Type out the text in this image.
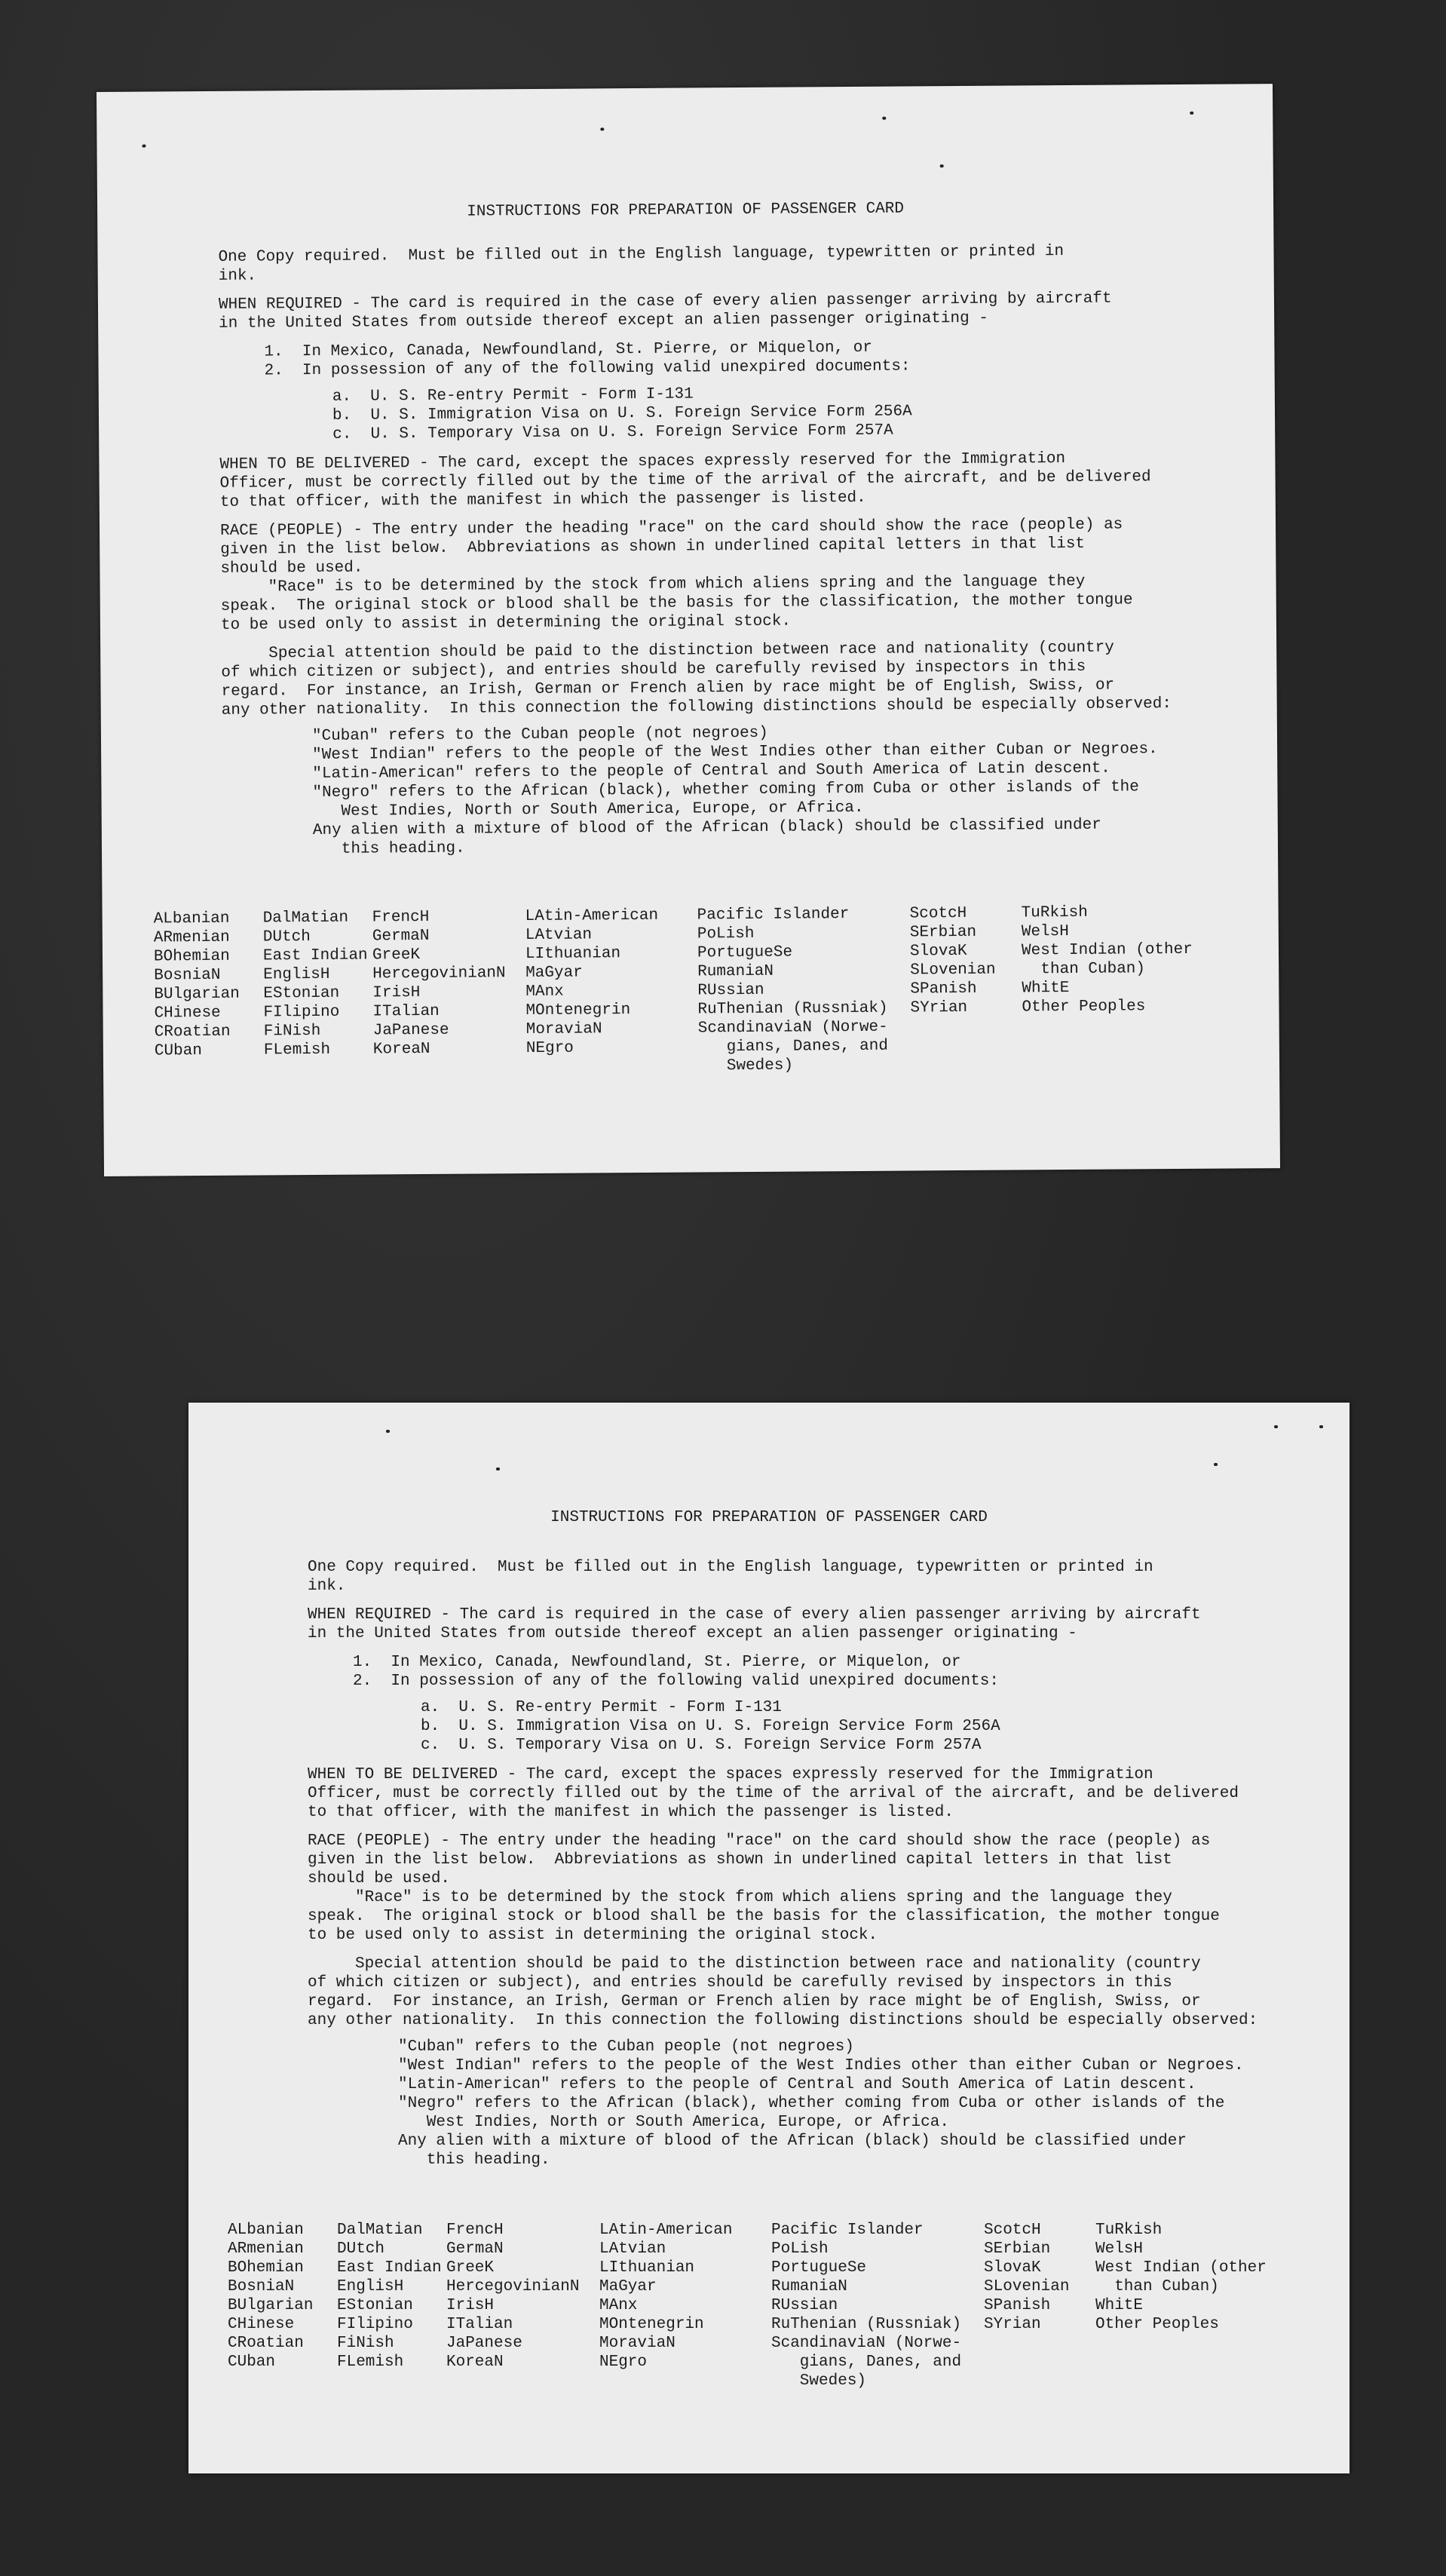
INSTRUCTIONS FOR PREPARATION OF PASSENGER CARD

One Copy required.  Must be filled out in the English language, typewritten or printed in
ink.

WHEN REQUIRED - The card is required in the case of every alien passenger arriving by aircraft
in the United States from outside thereof except an alien passenger originating -

1.  In Mexico, Canada, Newfoundland, St. Pierre, or Miquelon, or
2.  In possession of any of the following valid unexpired documents:
a.  U. S. Re-entry Permit - Form I-131
b.  U. S. Immigration Visa on U. S. Foreign Service Form 256A
c.  U. S. Temporary Visa on U. S. Foreign Service Form 257A

WHEN TO BE DELIVERED - The card, except the spaces expressly reserved for the Immigration
Officer, must be correctly filled out by the time of the arrival of the aircraft, and be delivered
to that officer, with the manifest in which the passenger is listed.

RACE (PEOPLE) - The entry under the heading "race" on the card should show the race (people) as
given in the list below.  Abbreviations as shown in underlined capital letters in that list
should be used.

"Race" is to be determined by the stock from which aliens spring and the language they
speak.  The original stock or blood shall be the basis for the classification, the mother tongue
to be used only to assist in determining the original stock.

Special attention should be paid to the distinction between race and nationality (country
of which citizen or subject), and entries should be carefully revised by inspectors in this
regard.  For instance, an Irish, German or French alien by race might be of English, Swiss, or
any other nationality.  In this connection the following distinctions should be especially observed:

"Cuban" refers to the Cuban people (not negroes)
"West Indian" refers to the people of the West Indies other than either Cuban or Negroes.
"Latin-American" refers to the people of Central and South America of Latin descent.
"Negro" refers to the African (black), whether coming from Cuba or other islands of the
West Indies, North or South America, Europe, or Africa.
Any alien with a mixture of blood of the African (black) should be classified under
this heading.
ALbanian
ARmenian
BOhemian
BosniaN
BUlgarian
CHinese
CRoatian
CUban
DalMatian
DUtch
East Indian
EnglisH
EStonian
FIlipino
FiNish
FLemish
FrencH
GermaN
GreeK
HercegovinianN
IrisH
ITalian
JaPanese
KoreaN
LAtin-American
LAtvian
LIthuanian
MaGyar
MAnx
MOntenegrin
MoraviaN
NEgro
Pacific Islander
PoLish
PortugueSe
RumaniaN
RUssian
RuThenian (Russniak)
ScandinaviaN (Norwe-
gians, Danes, and
Swedes)
ScotcH
SErbian
SlovaK
SLovenian
SPanish
SYrian
TuRkish
WelsH
West Indian (other
than Cuban)
WhitE
Other Peoples
INSTRUCTIONS FOR PREPARATION OF PASSENGER CARD

One Copy required.  Must be filled out in the English language, typewritten or printed in
ink.

WHEN REQUIRED - The card is required in the case of every alien passenger arriving by aircraft
in the United States from outside thereof except an alien passenger originating -

1.  In Mexico, Canada, Newfoundland, St. Pierre, or Miquelon, or
2.  In possession of any of the following valid unexpired documents:
a.  U. S. Re-entry Permit - Form I-131
b.  U. S. Immigration Visa on U. S. Foreign Service Form 256A
c.  U. S. Temporary Visa on U. S. Foreign Service Form 257A

WHEN TO BE DELIVERED - The card, except the spaces expressly reserved for the Immigration
Officer, must be correctly filled out by the time of the arrival of the aircraft, and be delivered
to that officer, with the manifest in which the passenger is listed.

RACE (PEOPLE) - The entry under the heading "race" on the card should show the race (people) as
given in the list below.  Abbreviations as shown in underlined capital letters in that list
should be used.

"Race" is to be determined by the stock from which aliens spring and the language they
speak.  The original stock or blood shall be the basis for the classification, the mother tongue
to be used only to assist in determining the original stock.

Special attention should be paid to the distinction between race and nationality (country
of which citizen or subject), and entries should be carefully revised by inspectors in this
regard.  For instance, an Irish, German or French alien by race might be of English, Swiss, or
any other nationality.  In this connection the following distinctions should be especially observed:

"Cuban" refers to the Cuban people (not negroes)
"West Indian" refers to the people of the West Indies other than either Cuban or Negroes.
"Latin-American" refers to the people of Central and South America of Latin descent.
"Negro" refers to the African (black), whether coming from Cuba or other islands of the
West Indies, North or South America, Europe, or Africa.
Any alien with a mixture of blood of the African (black) should be classified under
this heading.
ALbanian
ARmenian
BOhemian
BosniaN
BUlgarian
CHinese
CRoatian
CUban
DalMatian
DUtch
East Indian
EnglisH
EStonian
FIlipino
FiNish
FLemish
FrencH
GermaN
GreeK
HercegovinianN
IrisH
ITalian
JaPanese
KoreaN
LAtin-American
LAtvian
LIthuanian
MaGyar
MAnx
MOntenegrin
MoraviaN
NEgro
Pacific Islander
PoLish
PortugueSe
RumaniaN
RUssian
RuThenian (Russniak)
ScandinaviaN (Norwe-
gians, Danes, and
Swedes)
ScotcH
SErbian
SlovaK
SLovenian
SPanish
SYrian
TuRkish
WelsH
West Indian (other
than Cuban)
WhitE
Other Peoples
